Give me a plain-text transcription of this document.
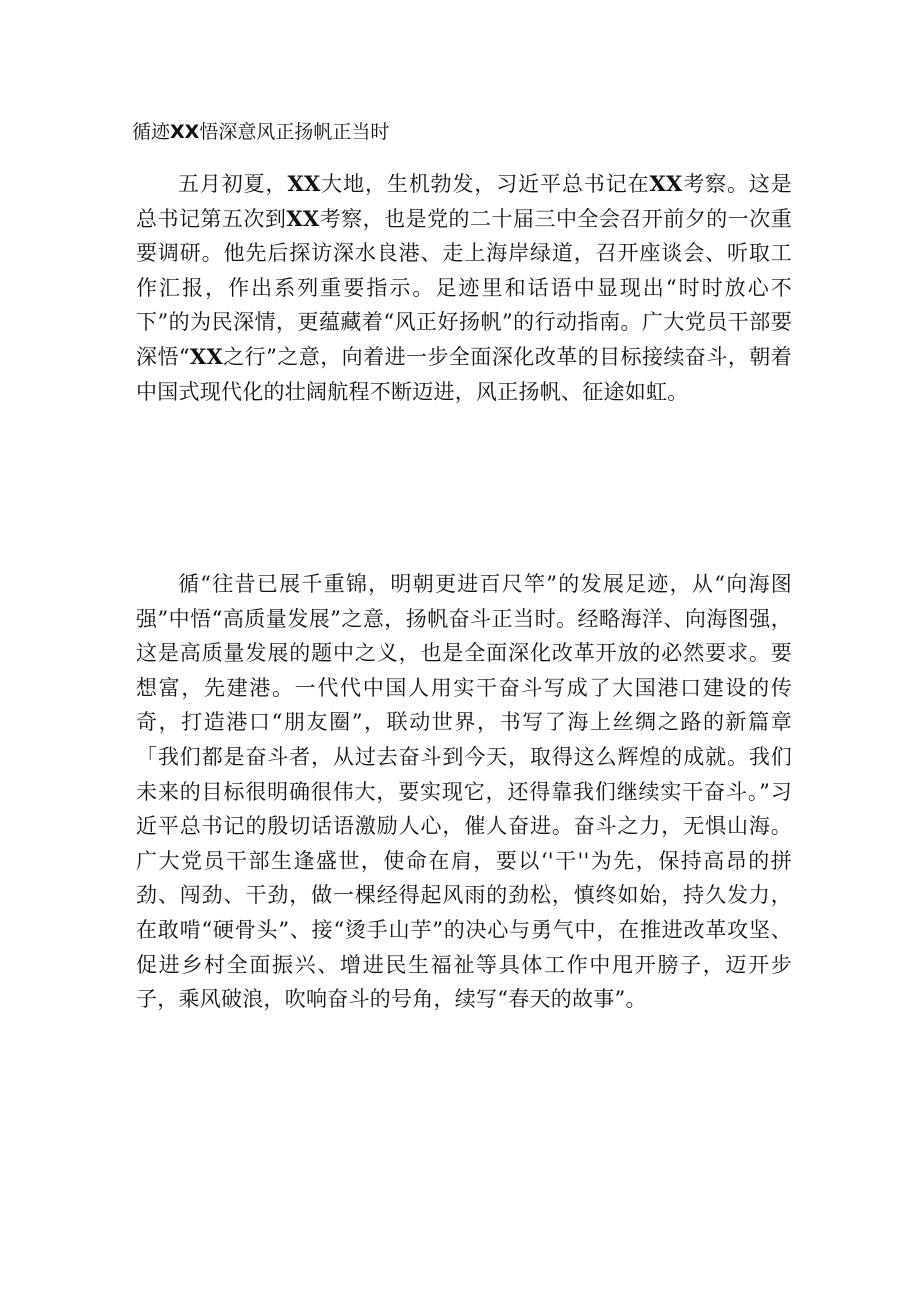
循迹XX悟深意风正扬帆正当时

五月初夏，XX大地，生机勃发，习近平总书记在XX考察。这是总书记第五次到XX考察，也是党的二十届三中全会召开前夕的一次重要调研。他先后探访深水良港、走上海岸绿道，召开座谈会、听取工作汇报，作出系列重要指示。足迹里和话语中显现出“时时放心不下”的为民深情，更蕴藏着“风正好扬帆”的行动指南。广大党员干部要深悟“XX之行”之意，向着进一步全面深化改革的目标接续奋斗，朝着中国式现代化的壮阔航程不断迈进，风正扬帆、征途如虹。

循“往昔已展千重锦，明朝更进百尺竿”的发展足迹，从“向海图强”中悟“高质量发展”之意，扬帆奋斗正当时。经略海洋、向海图强，这是高质量发展的题中之义，也是全面深化改革开放的必然要求。要想富，先建港。一代代中国人用实干奋斗写成了大国港口建设的传奇，打造港口“朋友圈”，联动世界，书写了海上丝绸之路的新篇章「我们都是奋斗者，从过去奋斗到今天，取得这么辉煌的成就。我们未来的目标很明确很伟大，要实现它，还得靠我们继续实干奋斗。”习近平总书记的殷切话语激励人心，催人奋进。奋斗之力，无惧山海。广大党员干部生逢盛世，使命在肩，要以‘'干''为先，保持高昂的拼劲、闯劲、干劲，做一棵经得起风雨的劲松，慎终如始，持久发力，在敢啃“硬骨头”、接“烫手山芋”的决心与勇气中，在推进改革攻坚、促进乡村全面振兴、增进民生福祉等具体工作中甩开膀子，迈开步子，乘风破浪，吹响奋斗的号角，续写“春天的故事”。
